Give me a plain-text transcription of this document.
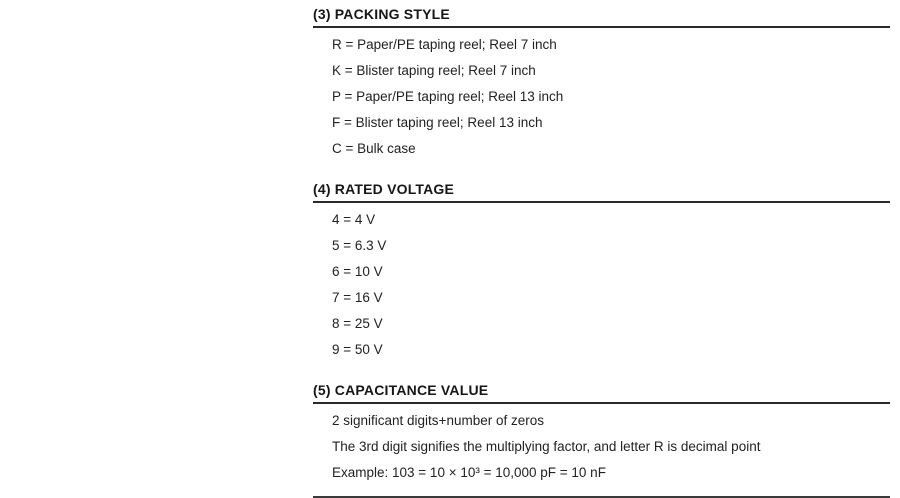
(3) PACKING STYLE
R = Paper/PE taping reel; Reel 7 inch
K = Blister taping reel; Reel 7 inch
P = Paper/PE taping reel; Reel 13 inch
F = Blister taping reel; Reel 13 inch
C = Bulk case
(4) RATED VOLTAGE
4 = 4 V
5 = 6.3 V
6 = 10 V
7 = 16 V
8 = 25 V
9 = 50 V
(5) CAPACITANCE VALUE
2 significant digits+number of zeros
The 3rd digit signifies the multiplying factor, and letter R is decimal point
Example: 103 = 10 × 10³ = 10,000 pF = 10 nF
